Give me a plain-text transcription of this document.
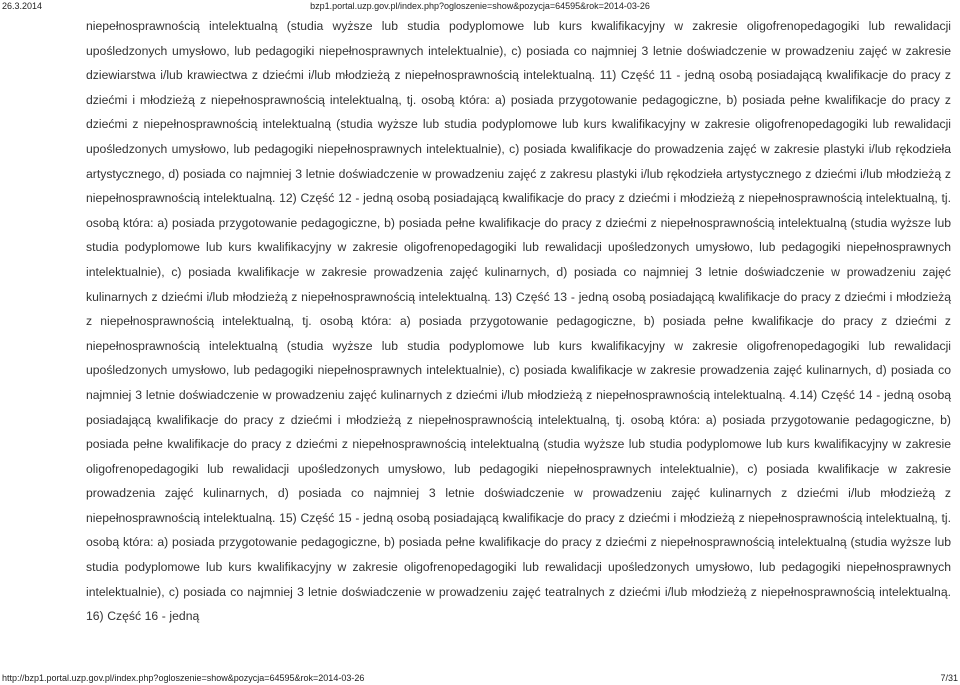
26.3.2014	bzp1.portal.uzp.gov.pl/index.php?ogloszenie=show&pozycja=64595&rok=2014-03-26

niepełnosprawnością intelektualną (studia wyższe lub studia podyplomowe lub kurs kwalifikacyjny w zakresie oligofrenopedagogiki lub rewalidacji upośledzonych umysłowo, lub pedagogiki niepełnosprawnych intelektualnie), c) posiada co najmniej 3 letnie doświadczenie w prowadzeniu zajęć w zakresie dziewiarstwa i/lub krawiectwa z dziećmi i/lub młodzieżą z niepełnosprawnością intelektualną. 11) Część 11 - jedną osobą posiadającą kwalifikacje do pracy z dziećmi i młodzieżą z niepełnosprawnością intelektualną, tj. osobą która: a) posiada przygotowanie pedagogiczne, b) posiada pełne kwalifikacje do pracy z dziećmi z niepełnosprawnością intelektualną (studia wyższe lub studia podyplomowe lub kurs kwalifikacyjny w zakresie oligofrenopedagogiki lub rewalidacji upośledzonych umysłowo, lub pedagogiki niepełnosprawnych intelektualnie), c) posiada kwalifikacje do prowadzenia zajęć w zakresie plastyki i/lub rękodzieła artystycznego, d) posiada co najmniej 3 letnie doświadczenie w prowadzeniu zajęć z zakresu plastyki i/lub rękodzieła artystycznego z dziećmi i/lub młodzieżą z niepełnosprawnością intelektualną. 12) Część 12 - jedną osobą posiadającą kwalifikacje do pracy z dziećmi i młodzieżą z niepełnosprawnością intelektualną, tj. osobą która: a) posiada przygotowanie pedagogiczne, b) posiada pełne kwalifikacje do pracy z dziećmi z niepełnosprawnością intelektualną (studia wyższe lub studia podyplomowe lub kurs kwalifikacyjny w zakresie oligofrenopedagogiki lub rewalidacji upośledzonych umysłowo, lub pedagogiki niepełnosprawnych intelektualnie), c) posiada kwalifikacje w zakresie prowadzenia zajęć kulinarnych, d) posiada co najmniej 3 letnie doświadczenie w prowadzeniu zajęć kulinarnych z dziećmi i/lub młodzieżą z niepełnosprawnością intelektualną. 13) Część 13 - jedną osobą posiadającą kwalifikacje do pracy z dziećmi i młodzieżą z niepełnosprawnością intelektualną, tj. osobą która: a) posiada przygotowanie pedagogiczne, b) posiada pełne kwalifikacje do pracy z dziećmi z niepełnosprawnością intelektualną (studia wyższe lub studia podyplomowe lub kurs kwalifikacyjny w zakresie oligofrenopedagogiki lub rewalidacji upośledzonych umysłowo, lub pedagogiki niepełnosprawnych intelektualnie), c) posiada kwalifikacje w zakresie prowadzenia zajęć kulinarnych, d) posiada co najmniej 3 letnie doświadczenie w prowadzeniu zajęć kulinarnych z dziećmi i/lub młodzieżą z niepełnosprawnością intelektualną. 4.14) Część 14 - jedną osobą posiadającą kwalifikacje do pracy z dziećmi i młodzieżą z niepełnosprawnością intelektualną, tj. osobą która: a) posiada przygotowanie pedagogiczne, b) posiada pełne kwalifikacje do pracy z dziećmi z niepełnosprawnością intelektualną (studia wyższe lub studia podyplomowe lub kurs kwalifikacyjny w zakresie oligofrenopedagogiki lub rewalidacji upośledzonych umysłowo, lub pedagogiki niepełnosprawnych intelektualnie), c) posiada kwalifikacje w zakresie prowadzenia zajęć kulinarnych, d) posiada co najmniej 3 letnie doświadczenie w prowadzeniu zajęć kulinarnych z dziećmi i/lub młodzieżą z niepełnosprawnością intelektualną. 15) Część 15 - jedną osobą posiadającą kwalifikacje do pracy z dziećmi i młodzieżą z niepełnosprawnością intelektualną, tj. osobą która: a) posiada przygotowanie pedagogiczne, b) posiada pełne kwalifikacje do pracy z dziećmi z niepełnosprawnością intelektualną (studia wyższe lub studia podyplomowe lub kurs kwalifikacyjny w zakresie oligofrenopedagogiki lub rewalidacji upośledzonych umysłowo, lub pedagogiki niepełnosprawnych intelektualnie), c) posiada co najmniej 3 letnie doświadczenie w prowadzeniu zajęć teatralnych z dziećmi i/lub młodzieżą z niepełnosprawnością intelektualną. 16) Część 16 - jedną

http://bzp1.portal.uzp.gov.pl/index.php?ogloszenie=show&pozycja=64595&rok=2014-03-26	7/31
